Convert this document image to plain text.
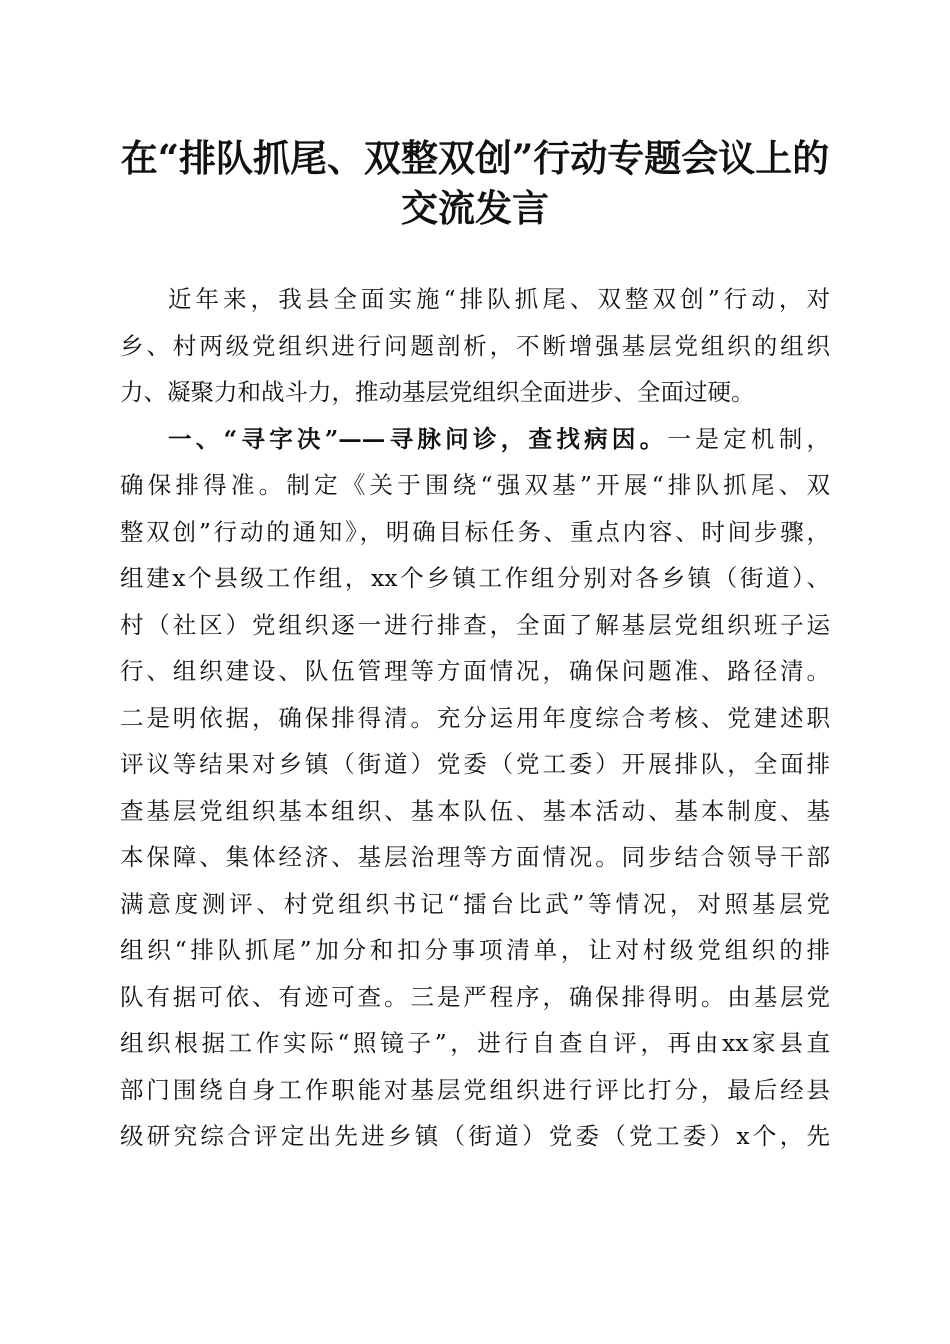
在“排队抓尾、双整双创”行动专题会议上的
交流发言
近年来，我县全面实施“排队抓尾、双整双创”行动，对
乡、村两级党组织进行问题剖析，不断增强基层党组织的组织
力、凝聚力和战斗力，推动基层党组织全面进步、全面过硬。
一、“寻字决”——寻脉问诊，查找病因。一是定机制，
确保排得准。制定《关于围绕“强双基”开展“排队抓尾、双
整双创”行动的通知》，明确目标任务、重点内容、时间步骤，
组建x个县级工作组，xx个乡镇工作组分别对各乡镇（街道）、
村（社区）党组织逐一进行排查，全面了解基层党组织班子运
行、组织建设、队伍管理等方面情况，确保问题准、路径清。
二是明依据，确保排得清。充分运用年度综合考核、党建述职
评议等结果对乡镇（街道）党委（党工委）开展排队，全面排
查基层党组织基本组织、基本队伍、基本活动、基本制度、基
本保障、集体经济、基层治理等方面情况。同步结合领导干部
满意度测评、村党组织书记“擂台比武”等情况，对照基层党
组织“排队抓尾”加分和扣分事项清单，让对村级党组织的排
队有据可依、有迹可查。三是严程序，确保排得明。由基层党
组织根据工作实际“照镜子”，进行自查自评，再由xx家县直
部门围绕自身工作职能对基层党组织进行评比打分，最后经县
级研究综合评定出先进乡镇（街道）党委（党工委）x个，先
